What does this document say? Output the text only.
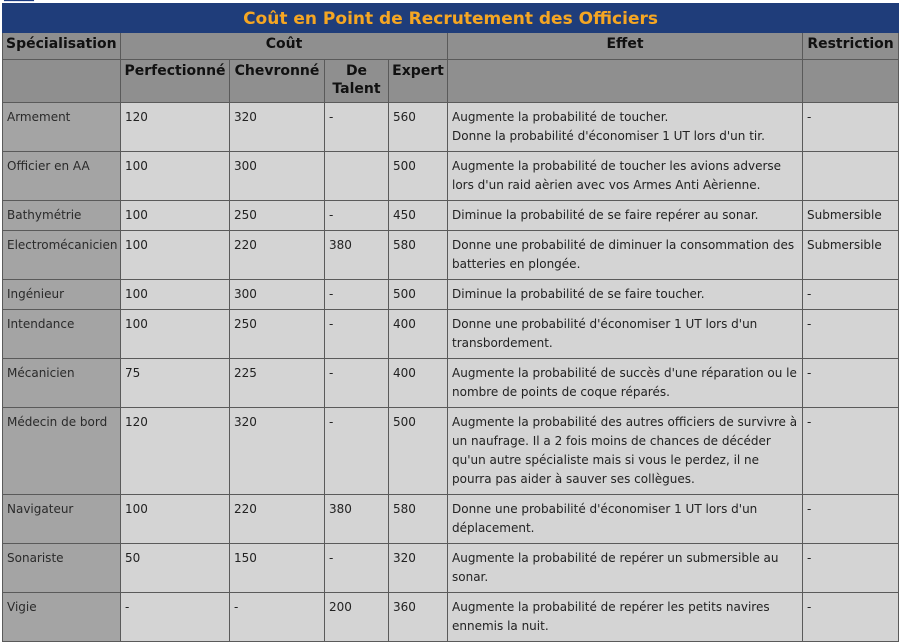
Coût en Point de Recrutement des Officiers						
Spécialisation	Coût				Effet	Restriction
	Perfectionné	Chevronné	De Talent	Expert		
Armement	120	320	-	560	Augmente la probabilité de toucher.
Donne la probabilité d'économiser 1 UT lors d'un tir.	-
Officier en AA	100	300		500	Augmente la probabilité de toucher les avions adverse lors d'un raid aèrien avec vos Armes Anti Aèrienne.	

Bathymétrie	100	250	-	450	Diminue la probabilité de se faire repérer au sonar.	Submersible
Electromécanicien	100	220	380	580	Donne une probabilité de diminuer la consommation des batteries en plongée.	Submersible
Ingénieur	100	300	-	500	Diminue la probabilité de se faire toucher.	-
Intendance	100	250	-	400	Donne une probabilité d'économiser 1 UT lors d'un transbordement.	-
Mécanicien	75	225	-	400	Augmente la probabilité de succès d'une réparation ou le nombre de points de coque réparés.	-
Médecin de bord	120	320	-	500	Augmente la probabilité des autres officiers de survivre à un naufrage. Il a 2 fois moins de chances de décéder qu'un autre spécialiste mais si vous le perdez, il ne pourra pas aider à sauver ses collègues.	-
Navigateur	100	220	380	580	Donne une probabilité d'économiser 1 UT lors d'un déplacement.	-
Sonariste	50	150	-	320	Augmente la probabilité de repérer un submersible au sonar.	-
Vigie	-	-	200	360	Augmente la probabilité de repérer les petits navires ennemis la nuit.	-
